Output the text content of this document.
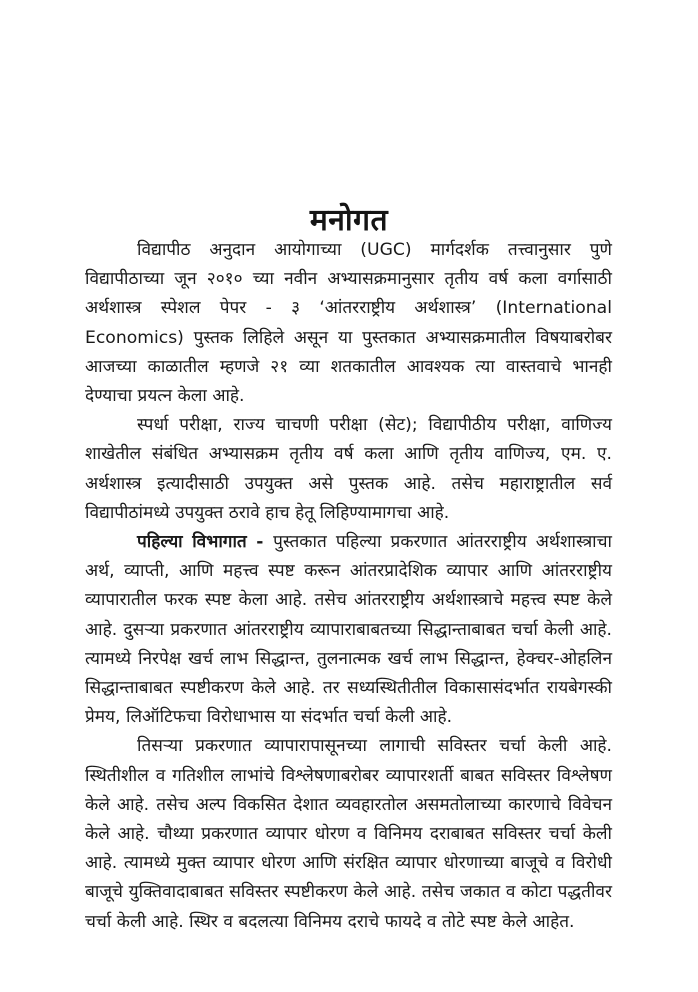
मनोगत

विद्यापीठ अनुदान आयोगाच्या (UGC) मार्गदर्शक तत्त्वानुसार पुणे विद्यापीठाच्या जून २०१० च्या नवीन अभ्यासक्रमानुसार तृतीय वर्ष कला वर्गासाठी अर्थशास्त्र स्पेशल पेपर - ३ ‘आंतरराष्ट्रीय अर्थशास्त्र’ (International Economics) पुस्तक लिहिले असून या पुस्तकात अभ्यासक्रमातील विषयाबरोबर आजच्या काळातील म्हणजे २१ व्या शतकातील आवश्यक त्या वास्तवाचे भानही देण्याचा प्रयत्न केला आहे.

स्पर्धा परीक्षा, राज्य चाचणी परीक्षा (सेट); विद्यापीठीय परीक्षा, वाणिज्य शाखेतील संबंधित अभ्यासक्रम तृतीय वर्ष कला आणि तृतीय वाणिज्य, एम. ए. अर्थशास्त्र इत्यादीसाठी उपयुक्त असे पुस्तक आहे. तसेच महाराष्ट्रातील सर्व विद्यापीठांमध्ये उपयुक्त ठरावे हाच हेतू लिहिण्यामागचा आहे.

पहिल्या विभागात - पुस्तकात पहिल्या प्रकरणात आंतरराष्ट्रीय अर्थशास्त्राचा अर्थ, व्याप्ती, आणि महत्त्व स्पष्ट करून आंतरप्रादेशिक व्यापार आणि आंतरराष्ट्रीय व्यापारातील फरक स्पष्ट केला आहे. तसेच आंतरराष्ट्रीय अर्थशास्त्राचे महत्त्व स्पष्ट केले आहे. दुसऱ्या प्रकरणात आंतरराष्ट्रीय व्यापाराबाबतच्या सिद्धान्ताबाबत चर्चा केली आहे. त्यामध्ये निरपेक्ष खर्च लाभ सिद्धान्त, तुलनात्मक खर्च लाभ सिद्धान्त, हेक्चर-ओहलिन सिद्धान्ताबाबत स्पष्टीकरण केले आहे. तर सध्यस्थितीतील विकासासंदर्भात रायबेगस्की प्रेमय, लिऑटिफचा विरोधाभास या संदर्भात चर्चा केली आहे.

तिसऱ्या प्रकरणात व्यापारापासूनच्या लागाची सविस्तर चर्चा केली आहे. स्थितीशील व गतिशील लाभांचे विश्लेषणाबरोबर व्यापारशर्ती बाबत सविस्तर विश्लेषण केले आहे. तसेच अल्प विकसित देशात व्यवहारतोल असमतोलाच्या कारणाचे विवेचन केले आहे. चौथ्या प्रकरणात व्यापार धोरण व विनिमय दराबाबत सविस्तर चर्चा केली आहे. त्यामध्ये मुक्त व्यापार धोरण आणि संरक्षित व्यापार धोरणाच्या बाजूचे व विरोधी बाजूचे युक्तिवादाबाबत सविस्तर स्पष्टीकरण केले आहे. तसेच जकात व कोटा पद्धतीवर चर्चा केली आहे. स्थिर व बदलत्या विनिमय दराचे फायदे व तोटे स्पष्ट केले आहेत.
